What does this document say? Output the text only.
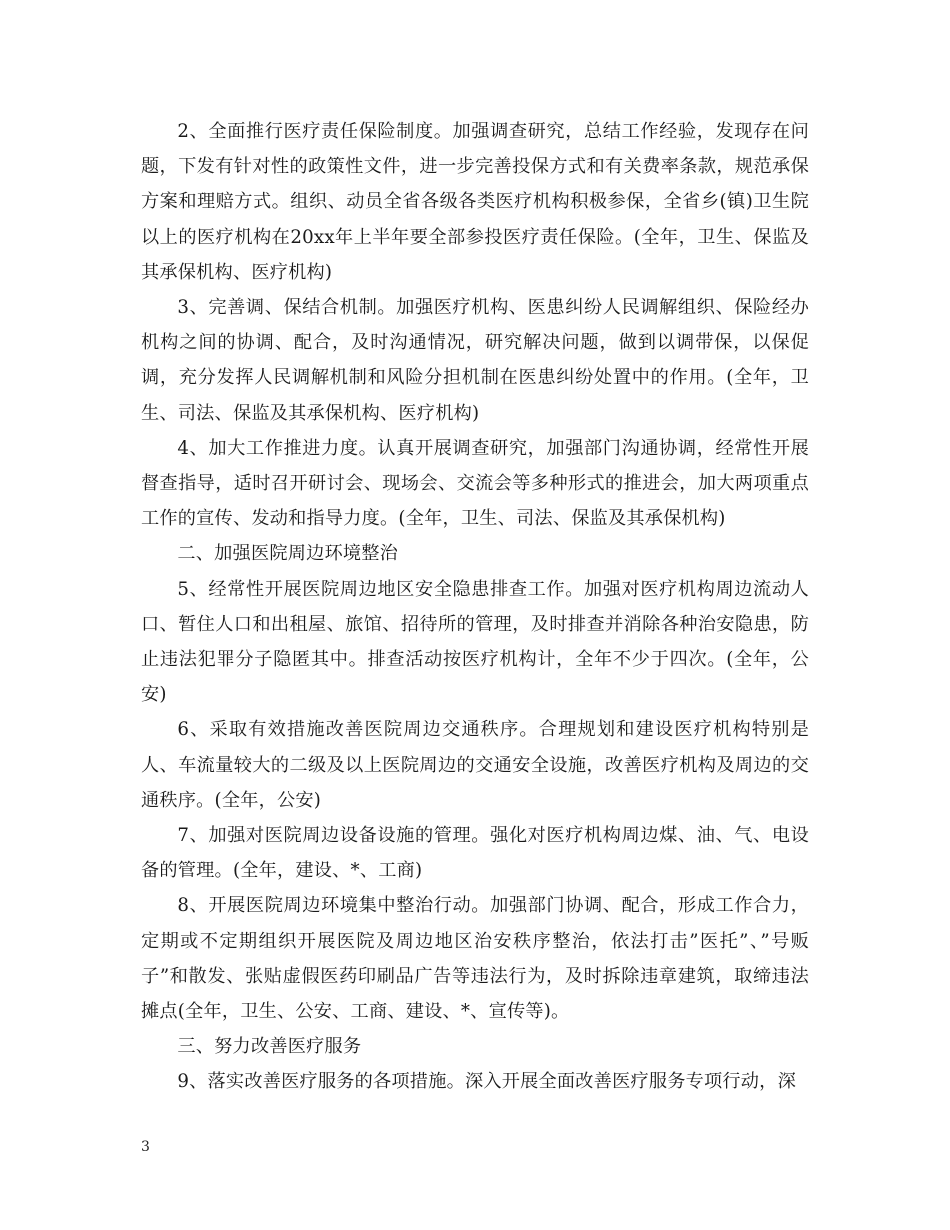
2、全面推行医疗责任保险制度。加强调查研究，总结工作经验，发现存在问题，下发有针对性的政策性文件，进一步完善投保方式和有关费率条款，规范承保方案和理赔方式。组织、动员全省各级各类医疗机构积极参保，全省乡(镇)卫生院以上的医疗机构在20xx年上半年要全部参投医疗责任保险。(全年，卫生、保监及其承保机构、医疗机构)

3、完善调、保结合机制。加强医疗机构、医患纠纷人民调解组织、保险经办机构之间的协调、配合，及时沟通情况，研究解决问题，做到以调带保，以保促调，充分发挥人民调解机制和风险分担机制在医患纠纷处置中的作用。(全年，卫生、司法、保监及其承保机构、医疗机构)

4、加大工作推进力度。认真开展调查研究，加强部门沟通协调，经常性开展督查指导，适时召开研讨会、现场会、交流会等多种形式的推进会，加大两项重点工作的宣传、发动和指导力度。(全年，卫生、司法、保监及其承保机构)

二、加强医院周边环境整治

5、经常性开展医院周边地区安全隐患排查工作。加强对医疗机构周边流动人口、暂住人口和出租屋、旅馆、招待所的管理，及时排查并消除各种治安隐患，防止违法犯罪分子隐匿其中。排查活动按医疗机构计，全年不少于四次。(全年，公安)

6、采取有效措施改善医院周边交通秩序。合理规划和建设医疗机构特别是人、车流量较大的二级及以上医院周边的交通安全设施，改善医疗机构及周边的交通秩序。(全年，公安)

7、加强对医院周边设备设施的管理。强化对医疗机构周边煤、油、气、电设备的管理。(全年，建设、*、工商)

8、开展医院周边环境集中整治行动。加强部门协调、配合，形成工作合力，定期或不定期组织开展医院及周边地区治安秩序整治，依法打击”医托”、”号贩子”和散发、张贴虚假医药印刷品广告等违法行为，及时拆除违章建筑，取缔违法摊点(全年，卫生、公安、工商、建设、*、宣传等)。

三、努力改善医疗服务

9、落实改善医疗服务的各项措施。深入开展全面改善医疗服务专项行动，深

3
